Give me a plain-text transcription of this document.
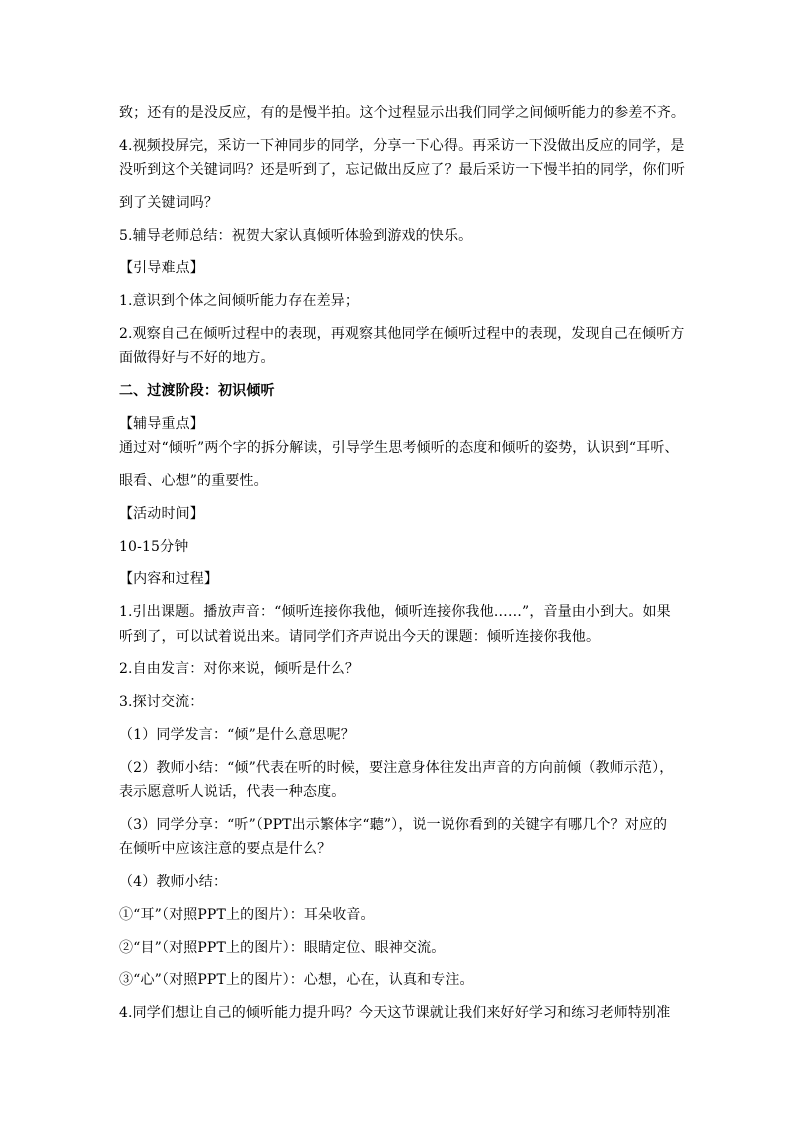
致；还有的是没反应，有的是慢半拍。这个过程显示出我们同学之间倾听能力的参差不齐。
4.视频投屏完，采访一下神同步的同学，分享一下心得。再采访一下没做出反应的同学，是
没听到这个关键词吗？还是听到了，忘记做出反应了？最后采访一下慢半拍的同学，你们听
到了关键词吗？
5.辅导老师总结：祝贺大家认真倾听体验到游戏的快乐。
【引导难点】
1.意识到个体之间倾听能力存在差异；
2.观察自己在倾听过程中的表现，再观察其他同学在倾听过程中的表现，发现自己在倾听方
面做得好与不好的地方。
二、过渡阶段：初识倾听
【辅导重点】
通过对“倾听”两个字的拆分解读，引导学生思考倾听的态度和倾听的姿势，认识到“耳听、
眼看、心想”的重要性。
【活动时间】
10-15分钟
【内容和过程】
1.引出课题。播放声音：“倾听连接你我他，倾听连接你我他……”，音量由小到大。如果
听到了，可以试着说出来。请同学们齐声说出今天的课题：倾听连接你我他。
2.自由发言：对你来说，倾听是什么？
3.探讨交流：
（1）同学发言：“倾”是什么意思呢？
（2）教师小结：“倾”代表在听的时候，要注意身体往发出声音的方向前倾（教师示范），
表示愿意听人说话，代表一种态度。
（3）同学分享：“听”（PPT出示繁体字“聽”），说一说你看到的关键字有哪几个？对应的
在倾听中应该注意的要点是什么？
（4）教师小结：
①“耳”（对照PPT上的图片）：耳朵收音。
②“目”（对照PPT上的图片）：眼睛定位、眼神交流。
③“心”（对照PPT上的图片）：心想，心在，认真和专注。
4.同学们想让自己的倾听能力提升吗？今天这节课就让我们来好好学习和练习老师特别准
